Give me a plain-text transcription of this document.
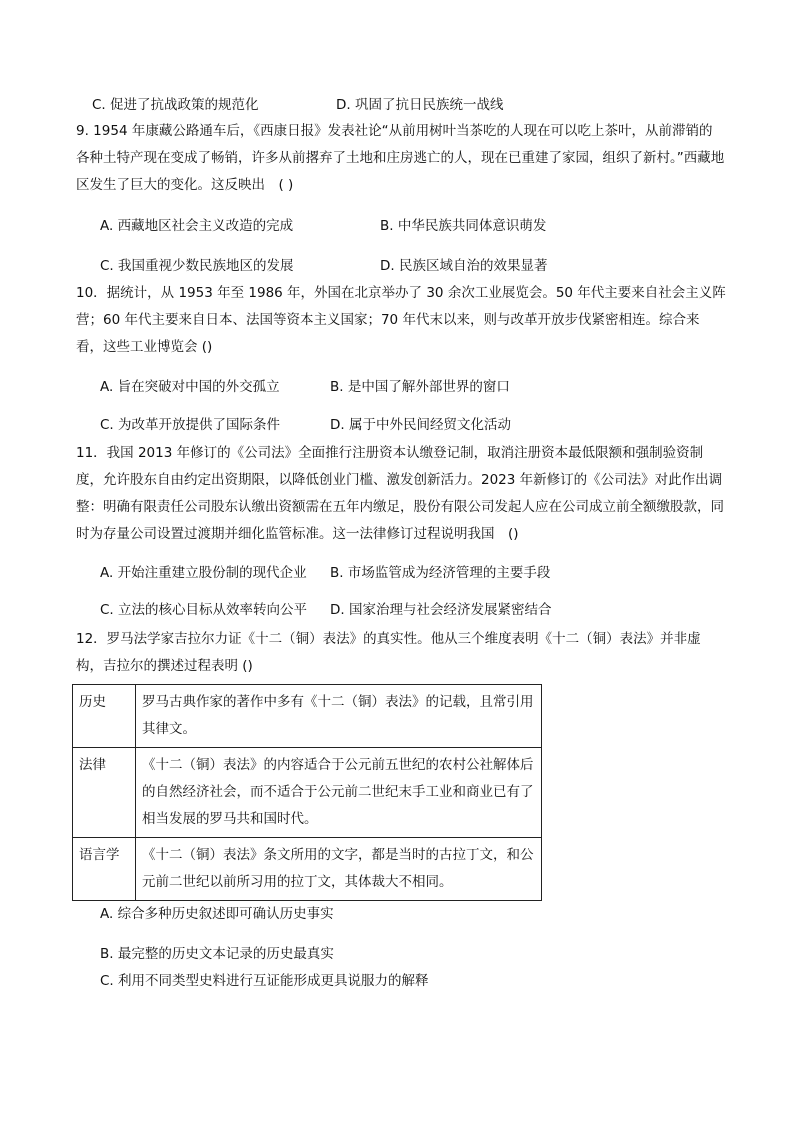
C. 促进了抗战政策的规范化	D. 巩固了抗日民族统一战线
9. 1954 年康藏公路通车后，《西康日报》发表社论“从前用树叶当茶吃的人现在可以吃上茶叶，从前滞销的各种土特产现在变成了畅销，许多从前撂弃了土地和庄房逃亡的人，现在已重建了家园，组织了新村。”西藏地区发生了巨大的变化。这反映出　( )
A. 西藏地区社会主义改造的完成	B. 中华民族共同体意识萌发
C. 我国重视少数民族地区的发展	D. 民族区域自治的效果显著
10．据统计，从 1953 年至 1986 年，外国在北京举办了 30 余次工业展览会。50 年代主要来自社会主义阵营；60 年代主要来自日本、法国等资本主义国家；70 年代末以来，则与改革开放步伐紧密相连。综合来看，这些工业博览会 ()
A. 旨在突破对中国的外交孤立	B. 是中国了解外部世界的窗口
C. 为改革开放提供了国际条件	D. 属于中外民间经贸文化活动
11．我国 2013 年修订的《公司法》全面推行注册资本认缴登记制，取消注册资本最低限额和强制验资制度，允许股东自由约定出资期限，以降低创业门槛、激发创新活力。2023 年新修订的《公司法》对此作出调整：明确有限责任公司股东认缴出资额需在五年内缴足，股份有限公司发起人应在公司成立前全额缴股款，同时为存量公司设置过渡期并细化监管标准。这一法律修订过程说明我国　()
A. 开始注重建立股份制的现代企业 B. 市场监管成为经济管理的主要手段
C. 立法的核心目标从效率转向公平 D. 国家治理与社会经济发展紧密结合
12．罗马法学家吉拉尔力证《十二（铜）表法》的真实性。他从三个维度表明《十二（铜）表法》并非虚构，吉拉尔的撰述过程表明 ()
历史	罗马古典作家的著作中多有《十二（铜）表法》的记载，且常引用其律文。
法律	《十二（铜）表法》的内容适合于公元前五世纪的农村公社解体后的自然经济社会，而不适合于公元前二世纪末手工业和商业已有了相当发展的罗马共和国时代。
语言学	《十二（铜）表法》条文所用的文字，都是当时的古拉丁文，和公元前二世纪以前所习用的拉丁文，其体裁大不相同。
A. 综合多种历史叙述即可确认历史事实
B. 最完整的历史文本记录的历史最真实
C. 利用不同类型史料进行互证能形成更具说服力的解释
